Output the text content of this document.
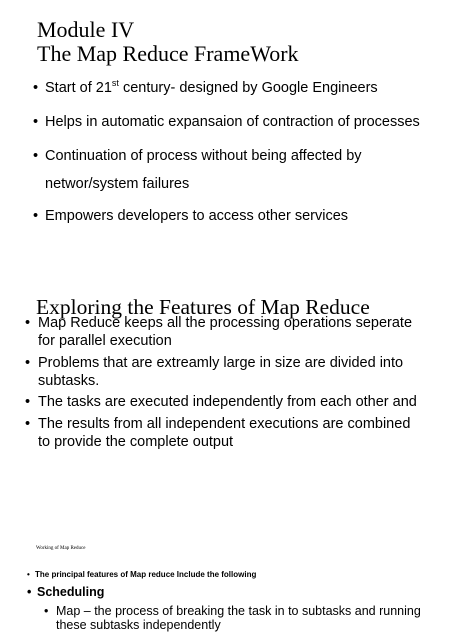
Module IV
The Map Reduce FrameWork
• Start of 21st century- designed by Google Engineers
• Helps in automatic expansaion of contraction of processes
• Continuation of process without being affected by
networ/system failures
• Empowers developers to access other services
Exploring the Features of Map Reduce
• Map Reduce keeps all the processing operations seperate
for parallel execution
• Problems that are extreamly large in size are divided into
subtasks.
• The tasks are executed independently from each other and
• The results from all independent executions are combined
to provide the complete output
Working of Map Reduce
• The principal features of Map reduce Include the following
• Scheduling
• Map – the process of breaking the task in to subtasks and running
these subtasks independently
